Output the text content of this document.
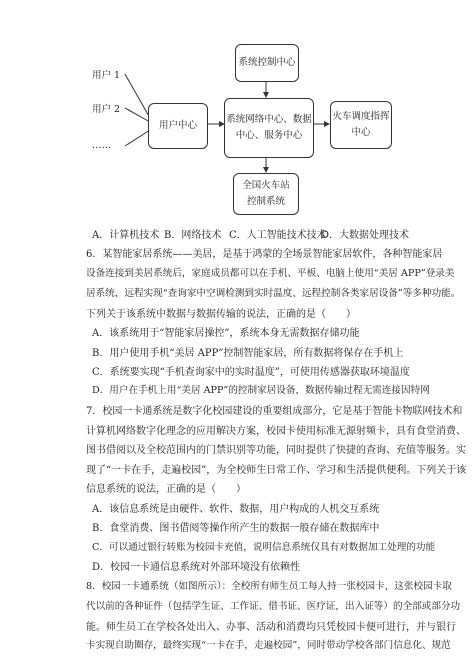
用户 1
用户 2
……
用户中心
系统控制中心
系统网络中心、数据
中心、服务中心
火车调度指挥
中心
全国火车站
控制系统
A．计算机技术 B．网络技术 C．人工智能技术技术
D．大数据处理技术
6．某智能家居系统——美居，是基于鸿蒙的全场景智能家居软件，各种智能家居
设备连接到美居系统后，家庭成员都可以在手机、平板、电脑上使用“美居 APP”登录美
居系统，远程实现“查询家中空调检测到实时温度、远程控制各类家居设备”等多种功能。
下列关于该系统中数据与数据传输的说法，正确的是（　　）
A．该系统用于“智能家居操控”，系统本身无需数据存储功能
B．用户使用手机“美居 APP”控制智能家居，所有数据将保存在手机上
C．系统要实现“手机查询家中的实时温度”，可使用传感器获取环境温度
D．用户在手机上用“美居 APP”的控制家居设备，数据传输过程无需连接因特网
7．校园一卡通系统是数字化校园建设的重要组成部分，它是基于智能卡物联网技术和
计算机网络数字化理念的应用解决方案，校园卡使用标准无源射频卡，具有食堂消费、
图书借阅以及全校范围内的门禁识别等功能，同时提供了快捷的查询、充值等服务。实
现了“一卡在手，走遍校园”，为全校师生日常工作、学习和生活提供便利。下列关于该
信息系统的说法，正确的是（　　）
A．该信息系统是由硬件、软件、数据，用户构成的人机交互系统
B．食堂消费、图书借阅等操作所产生的数据一般存储在数据库中
C．可以通过银行转账为校园卡充值，说明信息系统仅具有对数据加工处理的功能
D．校园一卡通信息系统对外部环境没有依赖性
8．校园一卡通系统（如图所示）：全校所有师生员工每人持一张校园卡，这张校园卡取
代以前的各种证件（包括学生证、工作证、借书证、医疗证，出入证等）的全部或部分功
能。师生员工在学校各处出入、办事、活动和消费均只凭校园卡便可进行，并与银行
卡实现自助圈存，最终实现“一卡在手，走遍校园”，同时带动学校各部门信息化、规范
